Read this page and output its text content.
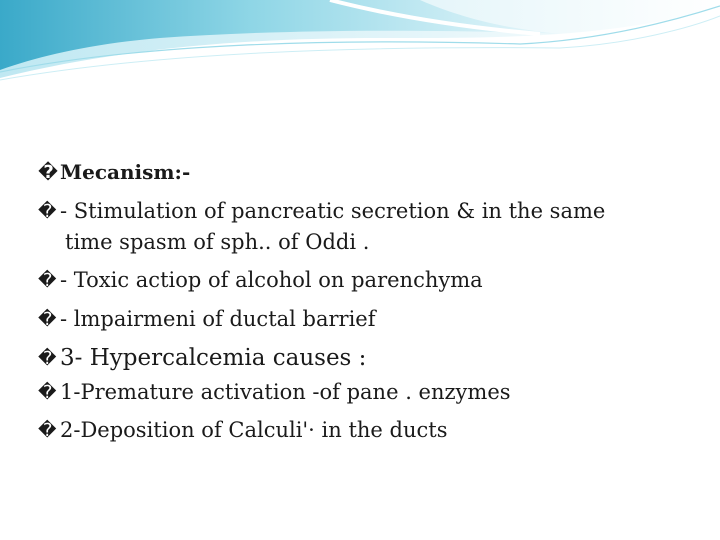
�Mecanism:-
� - Stimulation of pancreatic secretion & in the same
time spasm of sph.. of Oddi .
� - Toxic actiop of alcohol on parenchyma
� - lmpairmeni of ductal barrief
� 3- Hypercalcemia causes :
� 1-Premature activation -of pane . enzymes
� 2-Deposition of Calculi'· in the ducts
